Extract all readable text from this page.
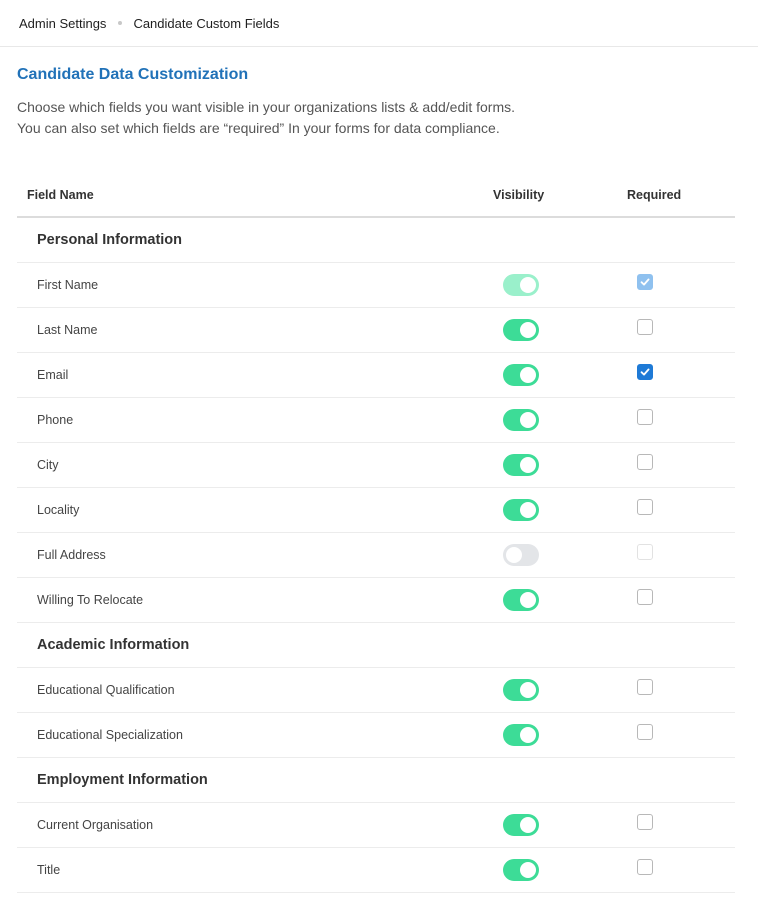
Admin Settings Candidate Custom Fields
Candidate Data Customization
Choose which fields you want visible in your organizations lists & add/edit forms.
You can also set which fields are “required” In your forms for data compliance.
Field Name	Visibility	Required
Personal Information
First Name
Last Name
Email
Phone
City
Locality
Full Address
Willing To Relocate
Academic Information
Educational Qualification
Educational Specialization
Employment Information
Current Organisation
Title
